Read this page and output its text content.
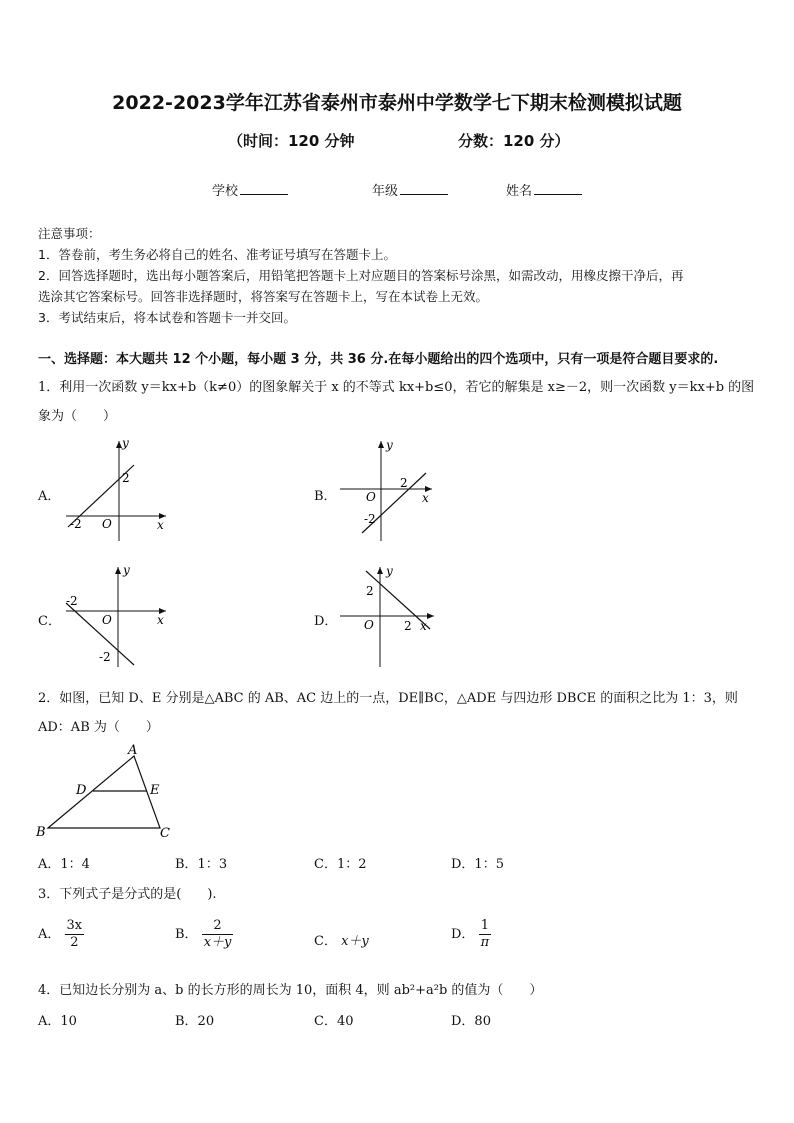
2022-2023学年江苏省泰州市泰州中学数学七下期末检测模拟试题
（时间：120 分钟	分数：120 分）
学校	年级	姓名
注意事项：
1．答卷前，考生务必将自己的姓名、准考证号填写在答题卡上。
2．回答选择题时，选出每小题答案后，用铅笔把答题卡上对应题目的答案标号涂黑，如需改动，用橡皮擦干净后，再
选涂其它答案标号。回答非选择题时，将答案写在答题卡上，写在本试卷上无效。
3．考试结束后，将本试卷和答题卡一并交回。
一、选择题：本大题共 12 个小题，每小题 3 分，共 36 分.在每小题给出的四个选项中，只有一项是符合题目要求的.
1．利用一次函数 y＝kx+b（k≠0）的图象解关于 x 的不等式 kx+b≤0，若它的解集是 x≥－2，则一次函数 y＝kx+b 的图
象为（　　）
A．
y
x
O
2
-2
B．
y
x
O
2
-2
C．
y
x
O
-2
-2
D．
y
x
O
2
2
2．如图，已知 D、E 分别是△ABC 的 AB、AC 边上的一点，DE∥BC，△ADE 与四边形 DBCE 的面积之比为 1：3，则
AD：AB 为（　　）
A
B	C
D	E
A．1：4	B．1：3	C．1：2	D．1：5
3．下列式子是分式的是(　　).
A． $\frac{3x}{2}$	B． $\frac{2}{x+y}$	C． x＋y	D． $\frac{1}{\pi}$
4．已知边长分别为 a、b 的长方形的周长为 10，面积 4，则 ab²+a²b 的值为（　　）
A．10	B．20	C．40	D．80
